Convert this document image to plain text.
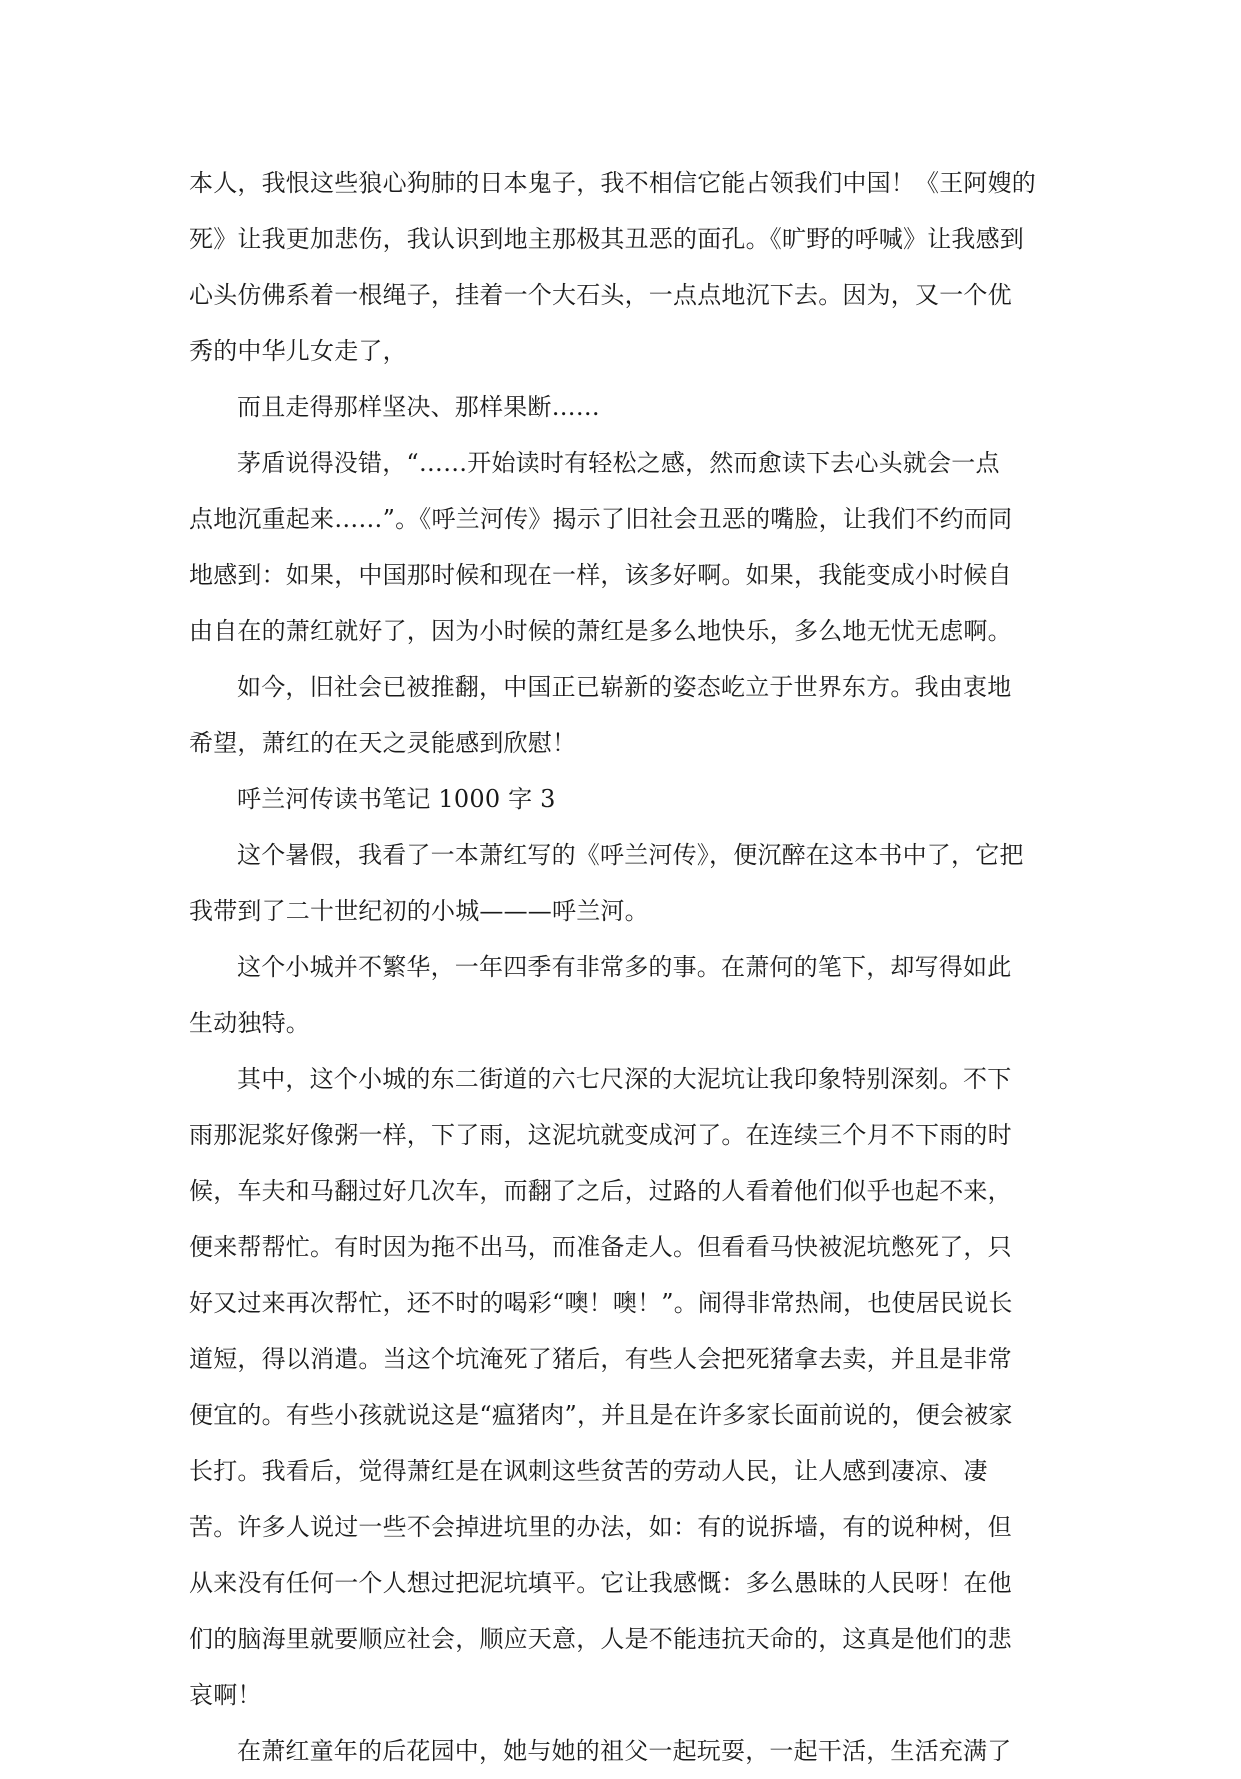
本人，我恨这些狼心狗肺的日本鬼子，我不相信它能占领我们中国！《王阿嫂的
死》让我更加悲伤，我认识到地主那极其丑恶的面孔。《旷野的呼喊》让我感到
心头仿佛系着一根绳子，挂着一个大石头，一点点地沉下去。因为，又一个优
秀的中华儿女走了，
而且走得那样坚决、那样果断……
茅盾说得没错，“……开始读时有轻松之感，然而愈读下去心头就会一点
点地沉重起来……”。《呼兰河传》揭示了旧社会丑恶的嘴脸，让我们不约而同
地感到：如果，中国那时候和现在一样，该多好啊。如果，我能变成小时候自
由自在的萧红就好了，因为小时候的萧红是多么地快乐，多么地无忧无虑啊。
如今，旧社会已被推翻，中国正已崭新的姿态屹立于世界东方。我由衷地
希望，萧红的在天之灵能感到欣慰！
呼兰河传读书笔记 1000 字 3
这个暑假，我看了一本萧红写的《呼兰河传》，便沉醉在这本书中了，它把
我带到了二十世纪初的小城———呼兰河。
这个小城并不繁华，一年四季有非常多的事。在萧何的笔下，却写得如此
生动独特。
其中，这个小城的东二街道的六七尺深的大泥坑让我印象特别深刻。不下
雨那泥浆好像粥一样，下了雨，这泥坑就变成河了。在连续三个月不下雨的时
候，车夫和马翻过好几次车，而翻了之后，过路的人看着他们似乎也起不来，
便来帮帮忙。有时因为拖不出马，而准备走人。但看看马快被泥坑憋死了，只
好又过来再次帮忙，还不时的喝彩“噢！噢！”。闹得非常热闹，也使居民说长
道短，得以消遣。当这个坑淹死了猪后，有些人会把死猪拿去卖，并且是非常
便宜的。有些小孩就说这是“瘟猪肉”，并且是在许多家长面前说的，便会被家
长打。我看后，觉得萧红是在讽刺这些贫苦的劳动人民，让人感到凄凉、凄
苦。许多人说过一些不会掉进坑里的办法，如：有的说拆墙，有的说种树，但
从来没有任何一个人想过把泥坑填平。它让我感慨：多么愚昧的人民呀！在他
们的脑海里就要顺应社会，顺应天意，人是不能违抗天命的，这真是他们的悲
哀啊！
在萧红童年的后花园中，她与她的祖父一起玩耍，一起干活，生活充满了
